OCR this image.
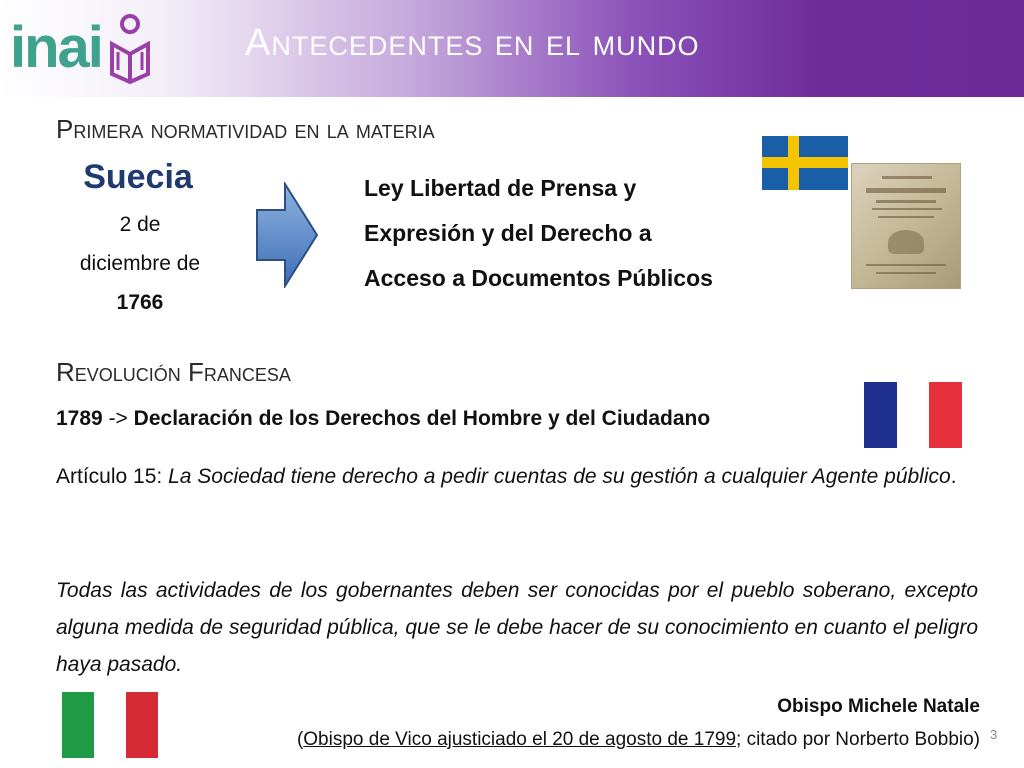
inai	Antecedentes en el mundo
Primera normatividad en la materia
Suecia
2 de
diciembre de
1766
Ley Libertad de Prensa y
Expresión y del Derecho a
Acceso a Documentos Públicos
Revolución Francesa
1789 -> Declaración de los Derechos del Hombre y del Ciudadano
Artículo 15: La Sociedad tiene derecho a pedir cuentas de su gestión a cualquier Agente público.
Todas las actividades de los gobernantes deben ser conocidas por el pueblo soberano, excepto alguna medida de seguridad pública, que se le debe hacer de su conocimiento en cuanto el peligro haya pasado.
Obispo Michele Natale
(Obispo de Vico ajusticiado el 20 de agosto de 1799; citado por Norberto Bobbio) 3
